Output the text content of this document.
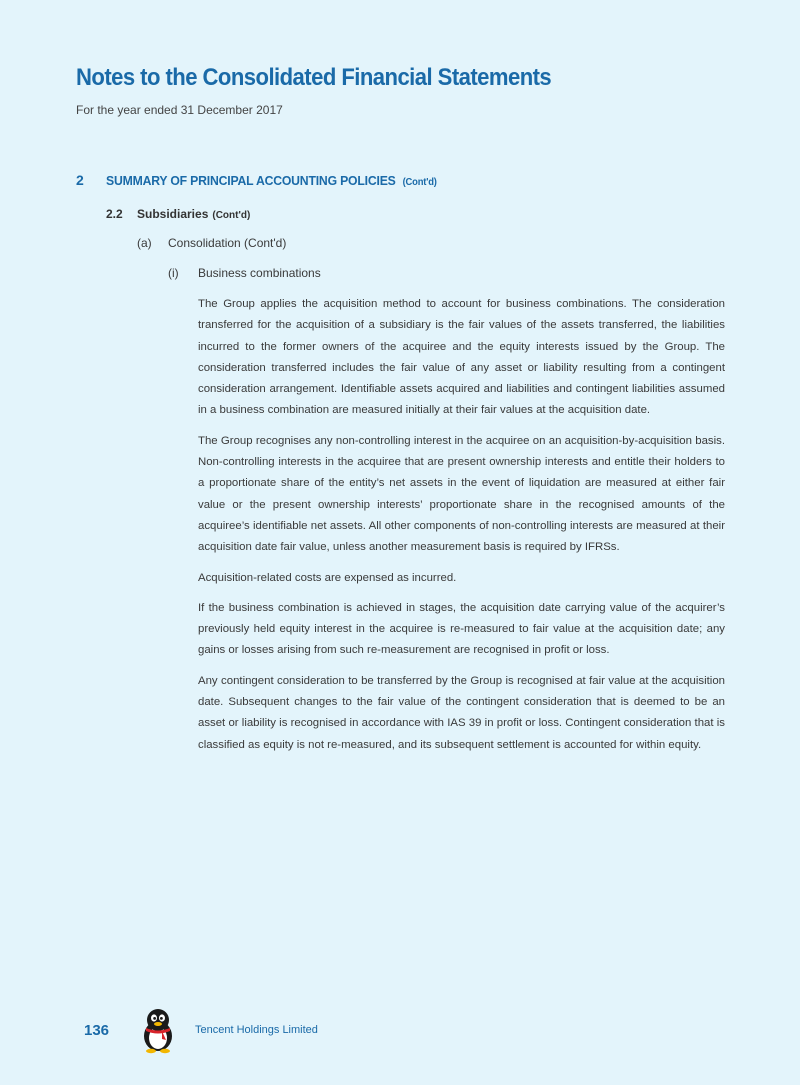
Notes to the Consolidated Financial Statements
For the year ended 31 December 2017
2	SUMMARY OF PRINCIPAL ACCOUNTING POLICIES (Cont'd)
2.2	Subsidiaries (Cont'd)
(a)	Consolidation (Cont'd)
(i)	Business combinations

The Group applies the acquisition method to account for business combinations. The consideration transferred for the acquisition of a subsidiary is the fair values of the assets transferred, the liabilities incurred to the former owners of the acquiree and the equity interests issued by the Group. The consideration transferred includes the fair value of any asset or liability resulting from a contingent consideration arrangement. Identifiable assets acquired and liabilities and contingent liabilities assumed in a business combination are measured initially at their fair values at the acquisition date.

The Group recognises any non-controlling interest in the acquiree on an acquisition-by-acquisition basis. Non-controlling interests in the acquiree that are present ownership interests and entitle their holders to a proportionate share of the entity’s net assets in the event of liquidation are measured at either fair value or the present ownership interests’ proportionate share in the recognised amounts of the acquiree’s identifiable net assets. All other components of non-controlling interests are measured at their acquisition date fair value, unless another measurement basis is required by IFRSs.

Acquisition-related costs are expensed as incurred.

If the business combination is achieved in stages, the acquisition date carrying value of the acquirer’s previously held equity interest in the acquiree is re-measured to fair value at the acquisition date; any gains or losses arising from such re-measurement are recognised in profit or loss.

Any contingent consideration to be transferred by the Group is recognised at fair value at the acquisition date. Subsequent changes to the fair value of the contingent consideration that is deemed to be an asset or liability is recognised in accordance with IAS 39 in profit or loss. Contingent consideration that is classified as equity is not re-measured, and its subsequent settlement is accounted for within equity.

136	Tencent Holdings Limited
